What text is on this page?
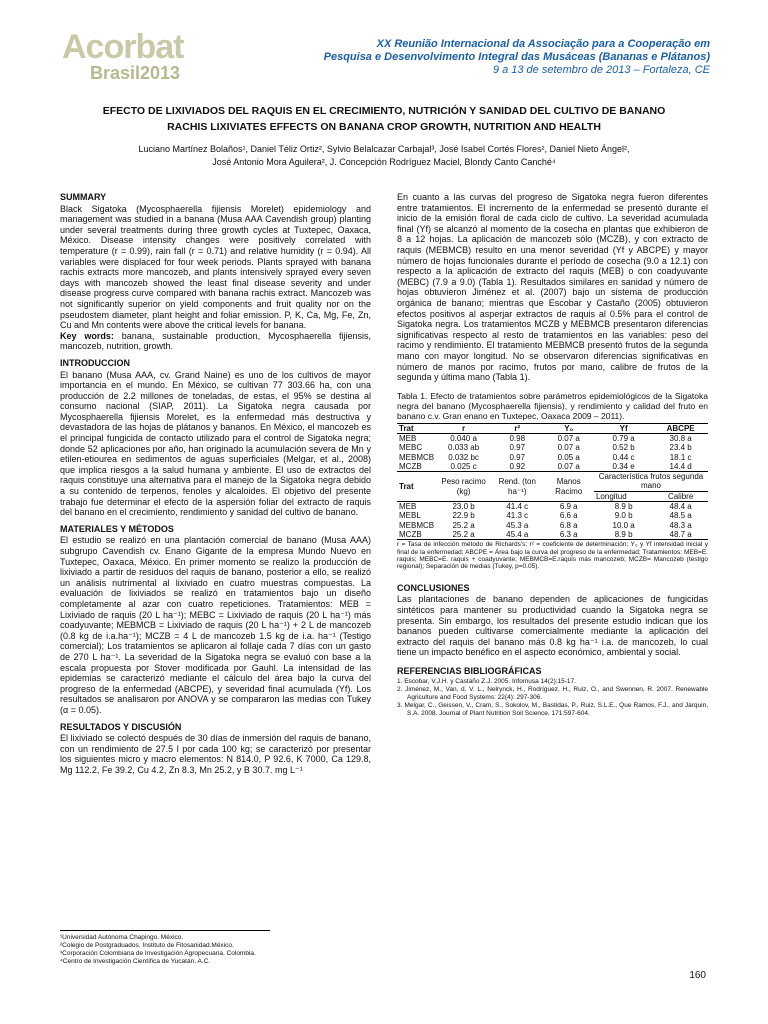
Acorbat
Brasil2013
XX Reunião Internacional da Associação para a Cooperação em
Pesquisa e Desenvolvimento Integral das Musáceas (Bananas e Plátanos)
9 a 13 de setembro de 2013 – Fortaleza, CE
EFECTO DE LIXIVIADOS DEL RAQUIS EN EL CRECIMIENTO, NUTRICIÓN Y SANIDAD DEL CULTIVO DE BANANO
RACHIS LIXIVIATES EFFECTS ON BANANA CROP GROWTH, NUTRITION AND HEALTH
Luciano Martínez Bolaños¹, Daniel Téliz Ortiz², Sylvio Belalcazar Carbajal³, José Isabel Cortés Flores², Daniel Nieto Ángel²,
José Antonio Mora Aguilera², J. Concepción Rodríguez Maciel, Blondy Canto Canché⁴
SUMMARY

Black Sigatoka (Mycosphaerella fijiensis Morelet) epidemiology and management was studied in a banana (Musa AAA Cavendish group) planting under several treatments during three growth cycles at Tuxtepec, Oaxaca, México. Disease intensity changes were positively correlated with temperature (r = 0.99), rain fall (r = 0.71) and relative humidity (r = 0.94). All variables were displaced for four week periods. Plants sprayed with banana rachis extracts more mancozeb, and plants intensively sprayed every seven days with mancozeb showed the least final disease severity and under disease progress curve compared with banana rachis extract. Mancozeb was not significantly superior on yield components and fruit quality nor on the pseudostem diameter, plant height and foliar emission. P, K, Ca, Mg, Fe, Zn, Cu and Mn contents were above the critical levels for banana.

Key words: banana, sustainable production, Mycosphaerella fijiensis, mancozeb, nutrition, growth.

INTRODUCCION

El banano (Musa AAA, cv. Grand Naine) es uno de los cultivos de mayor importancia en el mundo. En México, se cultivan 77 303.66 ha, con una producción de 2.2 millones de toneladas, de estas, el 95% se destina al consumo nacional (SIAP, 2011). La Sigatoka negra causada por Mycosphaerella fijiensis Morelet, es la enfermedad más destructiva y devastadora de las hojas de plátanos y bananos. En México, el mancozeb es el principal fungicida de contacto utilizado para el control de Sigatoka negra; donde 52 aplicaciones por año, han originado la acumulación severa de Mn y etilen-etiourea en sedimentos de aguas superficiales (Melgar, et al., 2008) que implica riesgos a la salud humana y ambiente. El uso de extractos del raquis constituye una alternativa para el manejo de la Sigatoka negra debido a su contenido de terpenos, fenoles y alcaloides. El objetivo del presente trabajo fue determinar el efecto de la aspersión foliar del extracto de raquis del banano en el crecimiento, rendimiento y sanidad del cultivo de banano.

MATERIALES Y MÉTODOS

El estudio se realizó en una plantación comercial de banano (Musa AAA) subgrupo Cavendish cv. Enano Gigante de la empresa Mundo Nuevo en Tuxtepec, Oaxaca, México. En primer momento se realizo la producción de lixiviado a partir de residuos del raquis de banano, posterior a ello, se realizó un análisis nutrimental al lixiviado en cuatro muestras compuestas. La evaluación de lixiviados se realizó en tratamientos bajo un diseño completamente al azar con cuatro repeticiones. Tratamientos: MEB = Lixiviado de raquis (20 L ha⁻¹); MEBC = Lixiviado de raquis (20 L ha⁻¹) más coadyuvante; MEBMCB = Lixiviado de raquis (20 L ha⁻¹) + 2 L de mancozeb (0.8 kg de i.a.ha⁻¹); MCZB = 4 L de mancozeb 1.5 kg de i.a. ha⁻¹ (Testigo comercial); Los tratamientos se aplicaron al follaje cada 7 días con un gasto de 270 L ha⁻¹. La severidad de la Sigatoka negra se evaluó con base a la escala propuesta por Stover modificada por Gauhl. La intensidad de las epidemias se caracterizó mediante el cálculo del área bajo la curva del progreso de la enfermedad (ABCPE), y severidad final acumulada (Yf). Los resultados se analisaron por ANOVA y se compararon las medias con Tukey (α = 0.05).

RESULTADOS Y DISCUSIÓN

El lixiviado se colectó después de 30 días de inmersión del raquis de banano, con un rendimiento de 27.5 l por cada 100 kg; se caracterizó por presentar los siguientes micro y macro elementos: N 814.0, P 92.6, K 7000, Ca 129.8, Mg 112.2, Fe 39.2, Cu 4.2, Zn 8.3, Mn 25.2, y B 30.7. mg L⁻¹

En cuanto a las curvas del progreso de Sigatoka negra fueron diferentes entre tratamientos. El incremento de la enfermedad se presentó durante el inicio de la emisión floral de cada ciclo de cultivo. La severidad acumulada final (Yf) se alcanzó al momento de la cosecha en plantas que exhibieron de 8 a 12 hojas. La aplicación de mancozeb sólo (MCZB), y con extracto de raquis (MEBMCB) resulto en una menor severidad (Yf y ABCPE) y mayor número de hojas funcionales durante el período de cosecha (9.0 a 12.1) con respecto a la aplicación de extracto del raquis (MEB) o con coadyuvante (MEBC) (7.9 a 9.0) (Tabla 1). Resultados similares en sanidad y número de hojas obtuvieron Jiménez et al. (2007) bajo un sistema de producción orgánica de banano; mientras que Escobar y Castaño (2005) obtuvieron efectos positivos al asperjar extractos de raquis al 0.5% para el control de Sigatoka negra. Los tratamientos MCZB y MEBMCB presentaron diferencias significativas respecto al resto de tratamientos en las variables: peso del racimo y rendimiento. El tratamiento MEBMCB presentó frutos de la segunda mano con mayor longitud. No se observaron diferencias significativas en número de manos por racimo, frutos por mano, calibre de frutos de la segunda y última mano (Tabla 1).

Tabla 1. Efecto de tratamientos sobre parámetros epidemiológicos de la Sigatoka negra del banano (Mycosphaerella fijiensis), y rendimiento y calidad del fruto en banano c.v. Gran enano en Tuxtepec, Oaxaca 2009 – 2011).

Trat	r	r²	Y₀	Yf	ABCPE
MEB	0.040 a	0.98	0.07 a	0.79 a	30.8 a
MEBC	0.033 ab	0.97	0.07 a	0.52 b	23.4 b
MEBMCB	0.032 bc	0.97	0.05 a	0.44 c	18.1 c
MCZB	0.025 c	0.92	0.07 a	0.34 e	14.4 d
Trat	Peso racimo (kg)	Rend. (ton ha⁻¹)	Manos Racimo	Característica frutos segunda mano	
				Longitud	Calibre
MEB	23.0 b	41.4 c	6.9 a	8.9 b	48.4 a
MEBL	22.9 b	41.3 c	6.6 a	9.0 b	48.5 a
MEBMCB	25.2 a	45.3 a	6.8 a	10.0 a	48.3 a
MCZB	25.2 a	45.4 a	6.3 a	8.9 b	48.7 a
r = Tasa de infección método de Richards's; r² = coeficiente de determinación; Y₀ y Yf intensidad inicial y final de la enfermedad; ABCPE = Área bajo la curva del progreso de la enfermedad; Tratamientos: MEB=E. raquis; MEBC=E. raquis + coadyuvante; MEBMCB=E.raquis más mancozeb; MCZB= Mancozeb (testigo regional); Separación de medias (Tukey, p=0.05).
CONCLUSIONES

Las plantaciones de banano dependen de aplicaciones de fungicidas sintéticos para mantener su productividad cuando la Sigatoka negra se presenta. Sin embargo, los resultados del presente estudio indican que los bananos pueden cultivarse comercialmente mediante la aplicación del extracto del raquis del banano más 0.8 kg ha⁻¹ i.a. de mancozeb, lo cual tiene un impacto benéfico en el aspecto económico, ambiental y social.

REFERENCIAS BIBLIOGRÁFICAS
1. Escobar, V.J.H. y Castaño Z.J. 2005. Infomusa 14(2):15-17.
2. Jiménez, M., Van, d. V. L., Nelrynck, H., Rodríguez, H., Ruiz, O., and Swennen, R. 2007. Renewable Agriculture and Food Systems: 22(4): 297-306.
3. Melgar, C., Geissen, V., Cram, S., Sokolov, M., Bastidas, P., Ruiz, S.L.E., Que Ramos, F.J., and Jarquin, S.A. 2008. Journal of Plant Nutrition Soil Science. 171:597-604.
¹Universidad Autónoma Chapingo. México.
²Colegio de Postgraduados. Instituto de Fitosanidad.México.
³Corporación Colombiana de Investigación Agropecuaria. Colombia.
⁴Centro de Investigación Científica de Yucatán. A.C.
160
